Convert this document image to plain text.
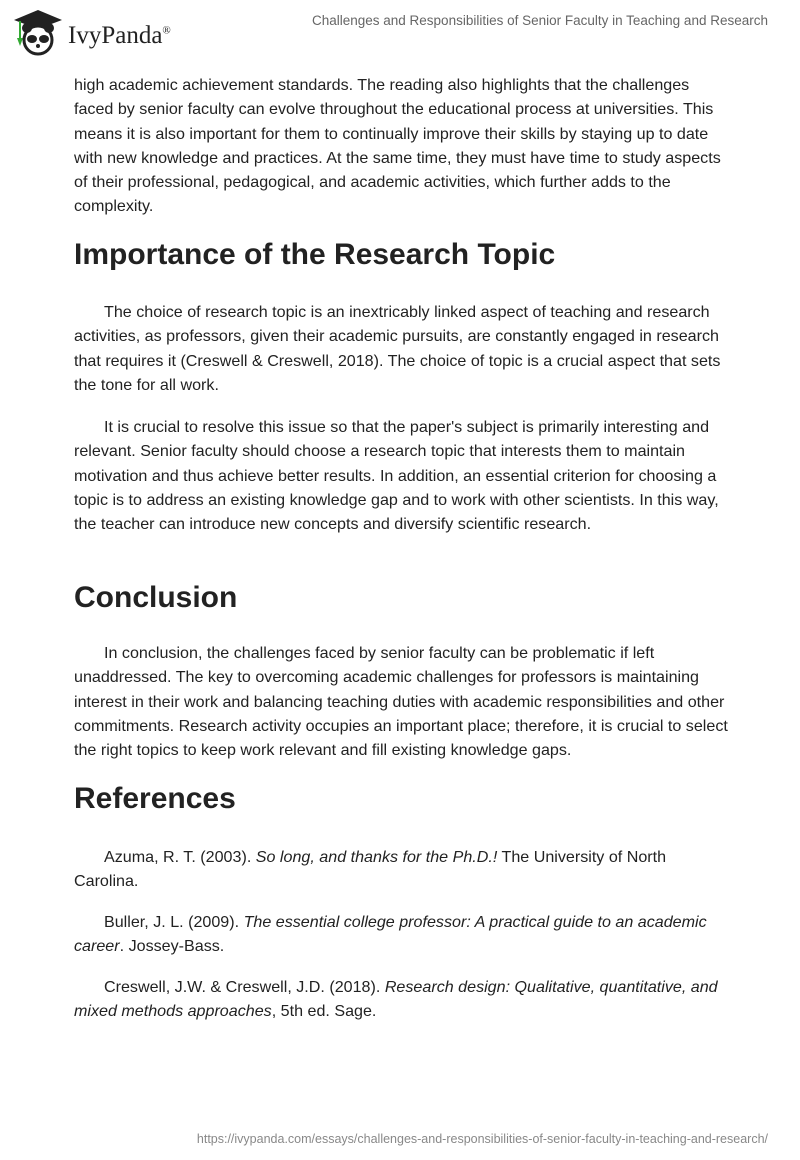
IvyPanda®
Challenges and Responsibilities of Senior Faculty in Teaching and Research

high academic achievement standards. The reading also highlights that the challenges faced by senior faculty can evolve throughout the educational process at universities. This means it is also important for them to continually improve their skills by staying up to date with new knowledge and practices. At the same time, they must have time to study aspects of their professional, pedagogical, and academic activities, which further adds to the complexity.

Importance of the Research Topic

The choice of research topic is an inextricably linked aspect of teaching and research activities, as professors, given their academic pursuits, are constantly engaged in research that requires it (Creswell & Creswell, 2018). The choice of topic is a crucial aspect that sets the tone for all work.

It is crucial to resolve this issue so that the paper's subject is primarily interesting and relevant. Senior faculty should choose a research topic that interests them to maintain motivation and thus achieve better results. In addition, an essential criterion for choosing a topic is to address an existing knowledge gap and to work with other scientists. In this way, the teacher can introduce new concepts and diversify scientific research.

Conclusion

In conclusion, the challenges faced by senior faculty can be problematic if left unaddressed. The key to overcoming academic challenges for professors is maintaining interest in their work and balancing teaching duties with academic responsibilities and other commitments. Research activity occupies an important place; therefore, it is crucial to select the right topics to keep work relevant and fill existing knowledge gaps.

References

Azuma, R. T. (2003). So long, and thanks for the Ph.D.! The University of North Carolina.

Buller, J. L. (2009). The essential college professor: A practical guide to an academic career. Jossey-Bass.

Creswell, J.W. & Creswell, J.D. (2018). Research design: Qualitative, quantitative, and mixed methods approaches, 5th ed. Sage.

https://ivypanda.com/essays/challenges-and-responsibilities-of-senior-faculty-in-teaching-and-research/
